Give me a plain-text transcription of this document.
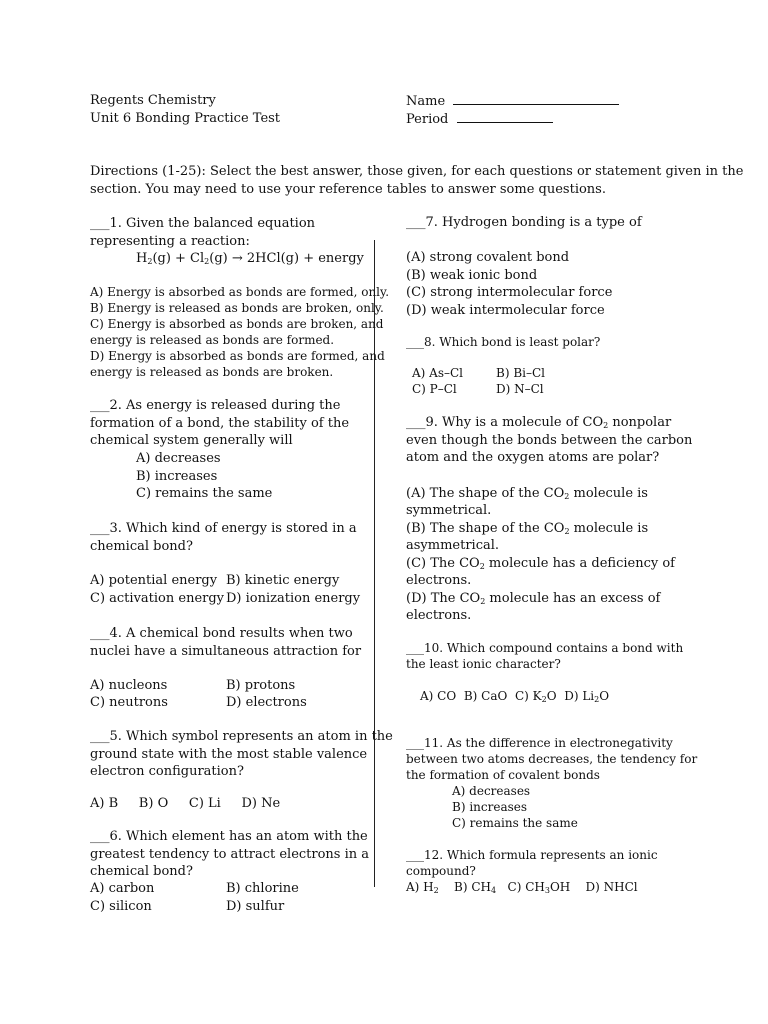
Regents Chemistry
Unit 6 Bonding Practice Test
Name
Period
Directions (1-25): Select the best answer, those given, for each questions or statement given in the
section. You may need to use your reference tables to answer some questions.
___1. Given the balanced equation
representing a reaction:
$H_2(g) + Cl_2(g) \to 2HCl(g)$ + energy
A) Energy is absorbed as bonds are formed, only.
B) Energy is released as bonds are broken, only.
C) Energy is absorbed as bonds are broken, and
energy is released as bonds are formed.
D) Energy is absorbed as bonds are formed, and
energy is released as bonds are broken.
___2. As energy is released during the
formation of a bond, the stability of the
chemical system generally will
A) decreases
B) increases
C) remains the same
___3. Which kind of energy is stored in a
chemical bond?
A) potential energy B) kinetic energy
C) activation energy D) ionization energy
___4. A chemical bond results when two
nuclei have a simultaneous attraction for
A) nucleons	B) protons
C) neutrons	D) electrons
___5. Which symbol represents an atom in the
ground state with the most stable valence
electron configuration?
A) B     B) O     C) Li     D) Ne
___6. Which element has an atom with the
greatest tendency to attract electrons in a
chemical bond?
A) carbon	B) chlorine
C) silicon	D) sulfur
___7. Hydrogen bonding is a type of
(A) strong covalent bond
(B) weak ionic bond
(C) strong intermolecular force
(D) weak intermolecular force
___8. Which bond is least polar?
A) As–Cl	B) Bi–Cl
C) P–Cl	D) N–Cl
___9. Why is a molecule of $CO_2$ nonpolar
even though the bonds between the carbon
atom and the oxygen atoms are polar?
(A) The shape of the $CO_2$ molecule is
symmetrical.
(B) The shape of the $CO_2$ molecule is
asymmetrical.
(C) The $CO_2$ molecule has a deficiency of
electrons.
(D) The $CO_2$ molecule has an excess of
electrons.
___10. Which compound contains a bond with
the least ionic character?
A) CO B) CaO C) $K_2O$ D) $Li_2O$
___11. As the difference in electronegativity
between two atoms decreases, the tendency for
the formation of covalent bonds
A) decreases
B) increases
C) remains the same
___12. Which formula represents an ionic
compound?
A) $H_2$ B) $CH_4$ C) $CH_3OH$ D) NHCl
